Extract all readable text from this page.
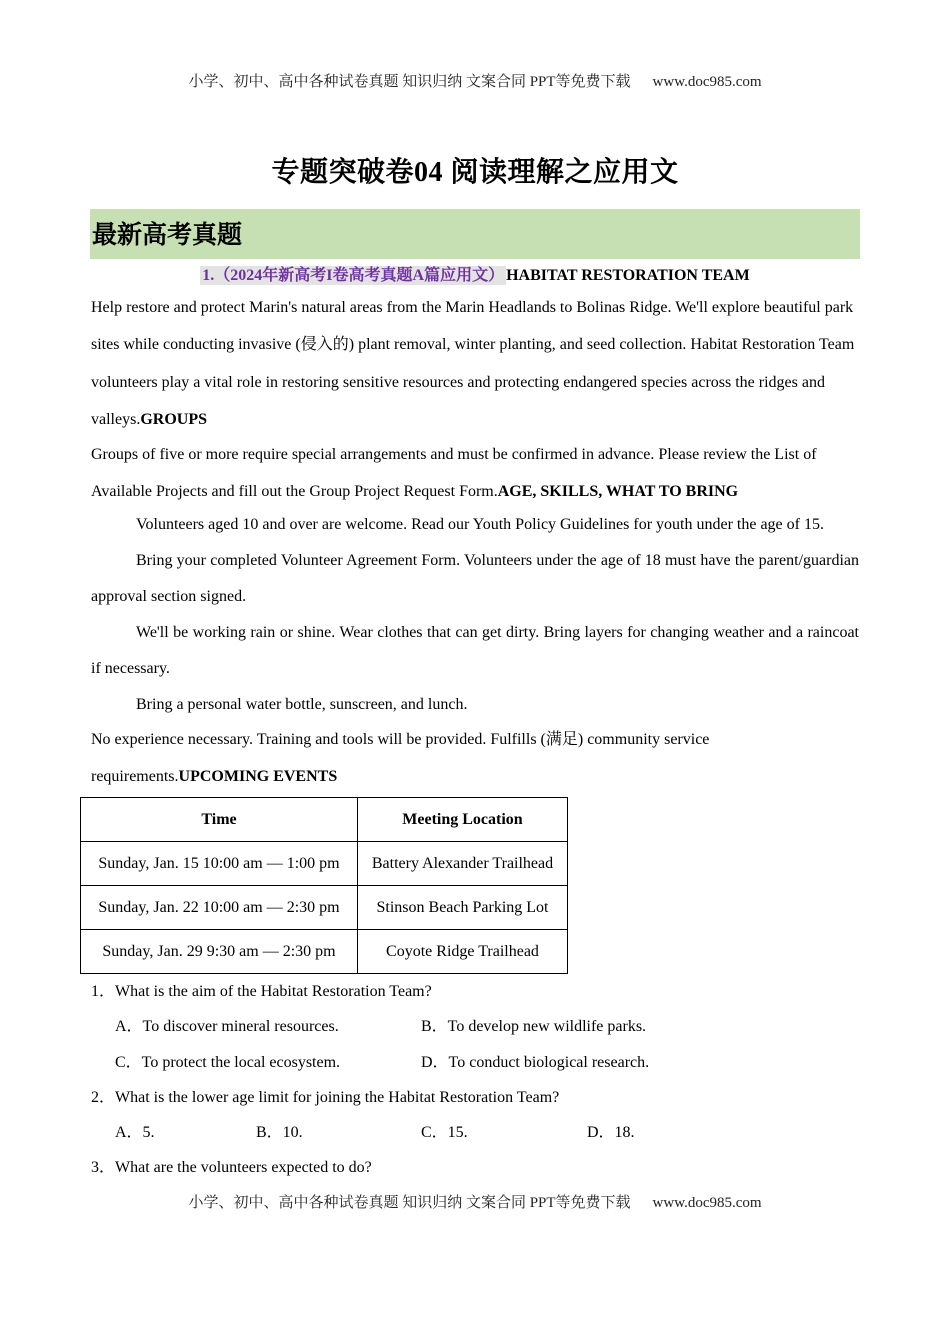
小学、初中、高中各种试卷真题 知识归纳 文案合同 PPT等免费下载 www.doc985.com
专题突破卷04 阅读理解之应用文
最新高考真题
1.（2024年新高考I卷高考真题A篇应用文） HABITAT RESTORATION TEAM
Help restore and protect Marin's natural areas from the Marin Headlands to Bolinas Ridge. We'll explore beautiful park sites while conducting invasive (侵入的) plant removal, winter planting, and seed collection. Habitat Restoration Team volunteers play a vital role in restoring sensitive resources and protecting endangered species across the ridges and valleys.GROUPS
Groups of five or more require special arrangements and must be confirmed in advance. Please review the List of Available Projects and fill out the Group Project Request Form.AGE, SKILLS, WHAT TO BRING

Volunteers aged 10 and over are welcome. Read our Youth Policy Guidelines for youth under the age of 15.

Bring your completed Volunteer Agreement Form. Volunteers under the age of 18 must have the parent/guardian approval section signed.

We'll be working rain or shine. Wear clothes that can get dirty. Bring layers for changing weather and a raincoat if necessary.

Bring a personal water bottle, sunscreen, and lunch.

No experience necessary. Training and tools will be provided. Fulfills (满足) community service requirements.UPCOMING EVENTS
Time	Meeting Location
Sunday, Jan. 15 10:00 am — 1:00 pm	Battery Alexander Trailhead
Sunday, Jan. 22 10:00 am — 2:30 pm	Stinson Beach Parking Lot
Sunday, Jan. 29 9:30 am — 2:30 pm	Coyote Ridge Trailhead
1．What is the aim of the Habitat Restoration Team?
A．To discover mineral resources.	B．To develop new wildlife parks.
C．To protect the local ecosystem.	D．To conduct biological research.
2．What is the lower age limit for joining the Habitat Restoration Team?
A．5.	B．10.	C．15.	D．18.
3．What are the volunteers expected to do?
小学、初中、高中各种试卷真题 知识归纳 文案合同 PPT等免费下载 www.doc985.com
